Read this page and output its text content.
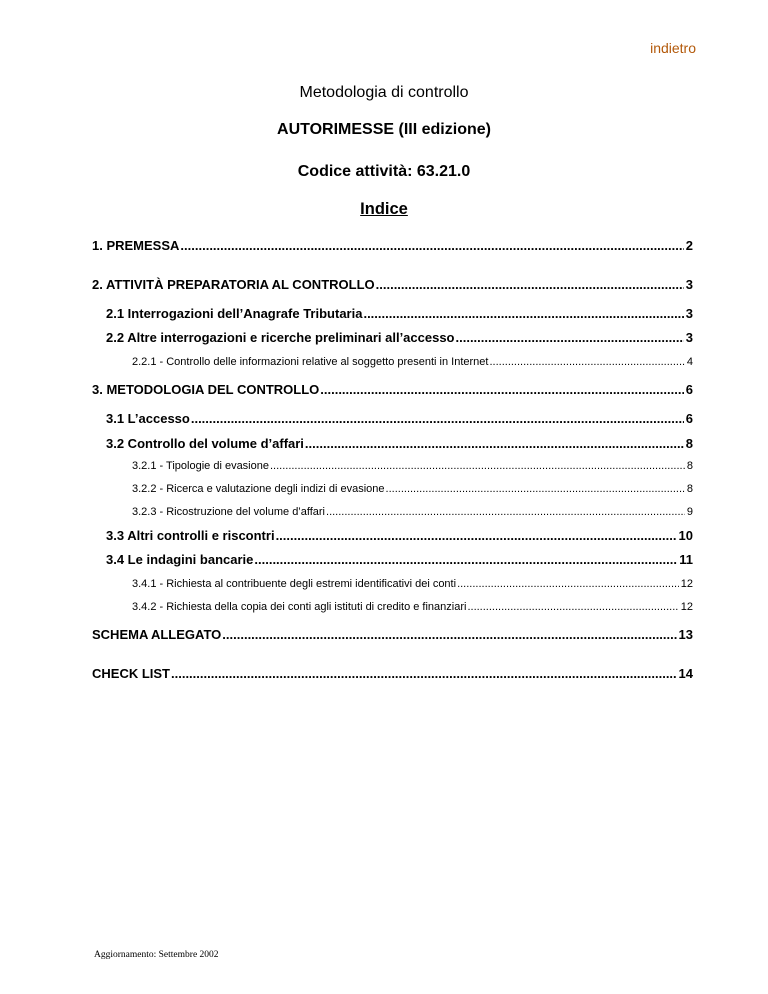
indietro
Metodologia di controllo
AUTORIMESSE (III edizione)
Codice attività: 63.21.0
Indice
1. PREMESSA .....	2
2. ATTIVITÀ PREPARATORIA AL CONTROLLO .....	3
2.1 Interrogazioni dell’Anagrafe Tributaria .....	3
2.2 Altre interrogazioni e ricerche preliminari all’accesso .....	3
2.2.1 - Controllo delle informazioni relative al soggetto presenti in Internet .....	4
3. METODOLOGIA DEL CONTROLLO .....	6
3.1 L’accesso .....	6
3.2 Controllo del volume d’affari .....	8
3.2.1 - Tipologie di evasione .....	8
3.2.2 - Ricerca e valutazione degli indizi di evasione .....	8
3.2.3 - Ricostruzione del volume d’affari .....	9
3.3 Altri controlli e riscontri .....	10
3.4 Le indagini bancarie .....	11
3.4.1 - Richiesta al contribuente degli estremi identificativi dei conti .....	12
3.4.2 - Richiesta della copia dei conti agli istituti di credito e finanziari .....	12
SCHEMA ALLEGATO .....	13
CHECK LIST .....	14
Aggiornamento: Settembre 2002
